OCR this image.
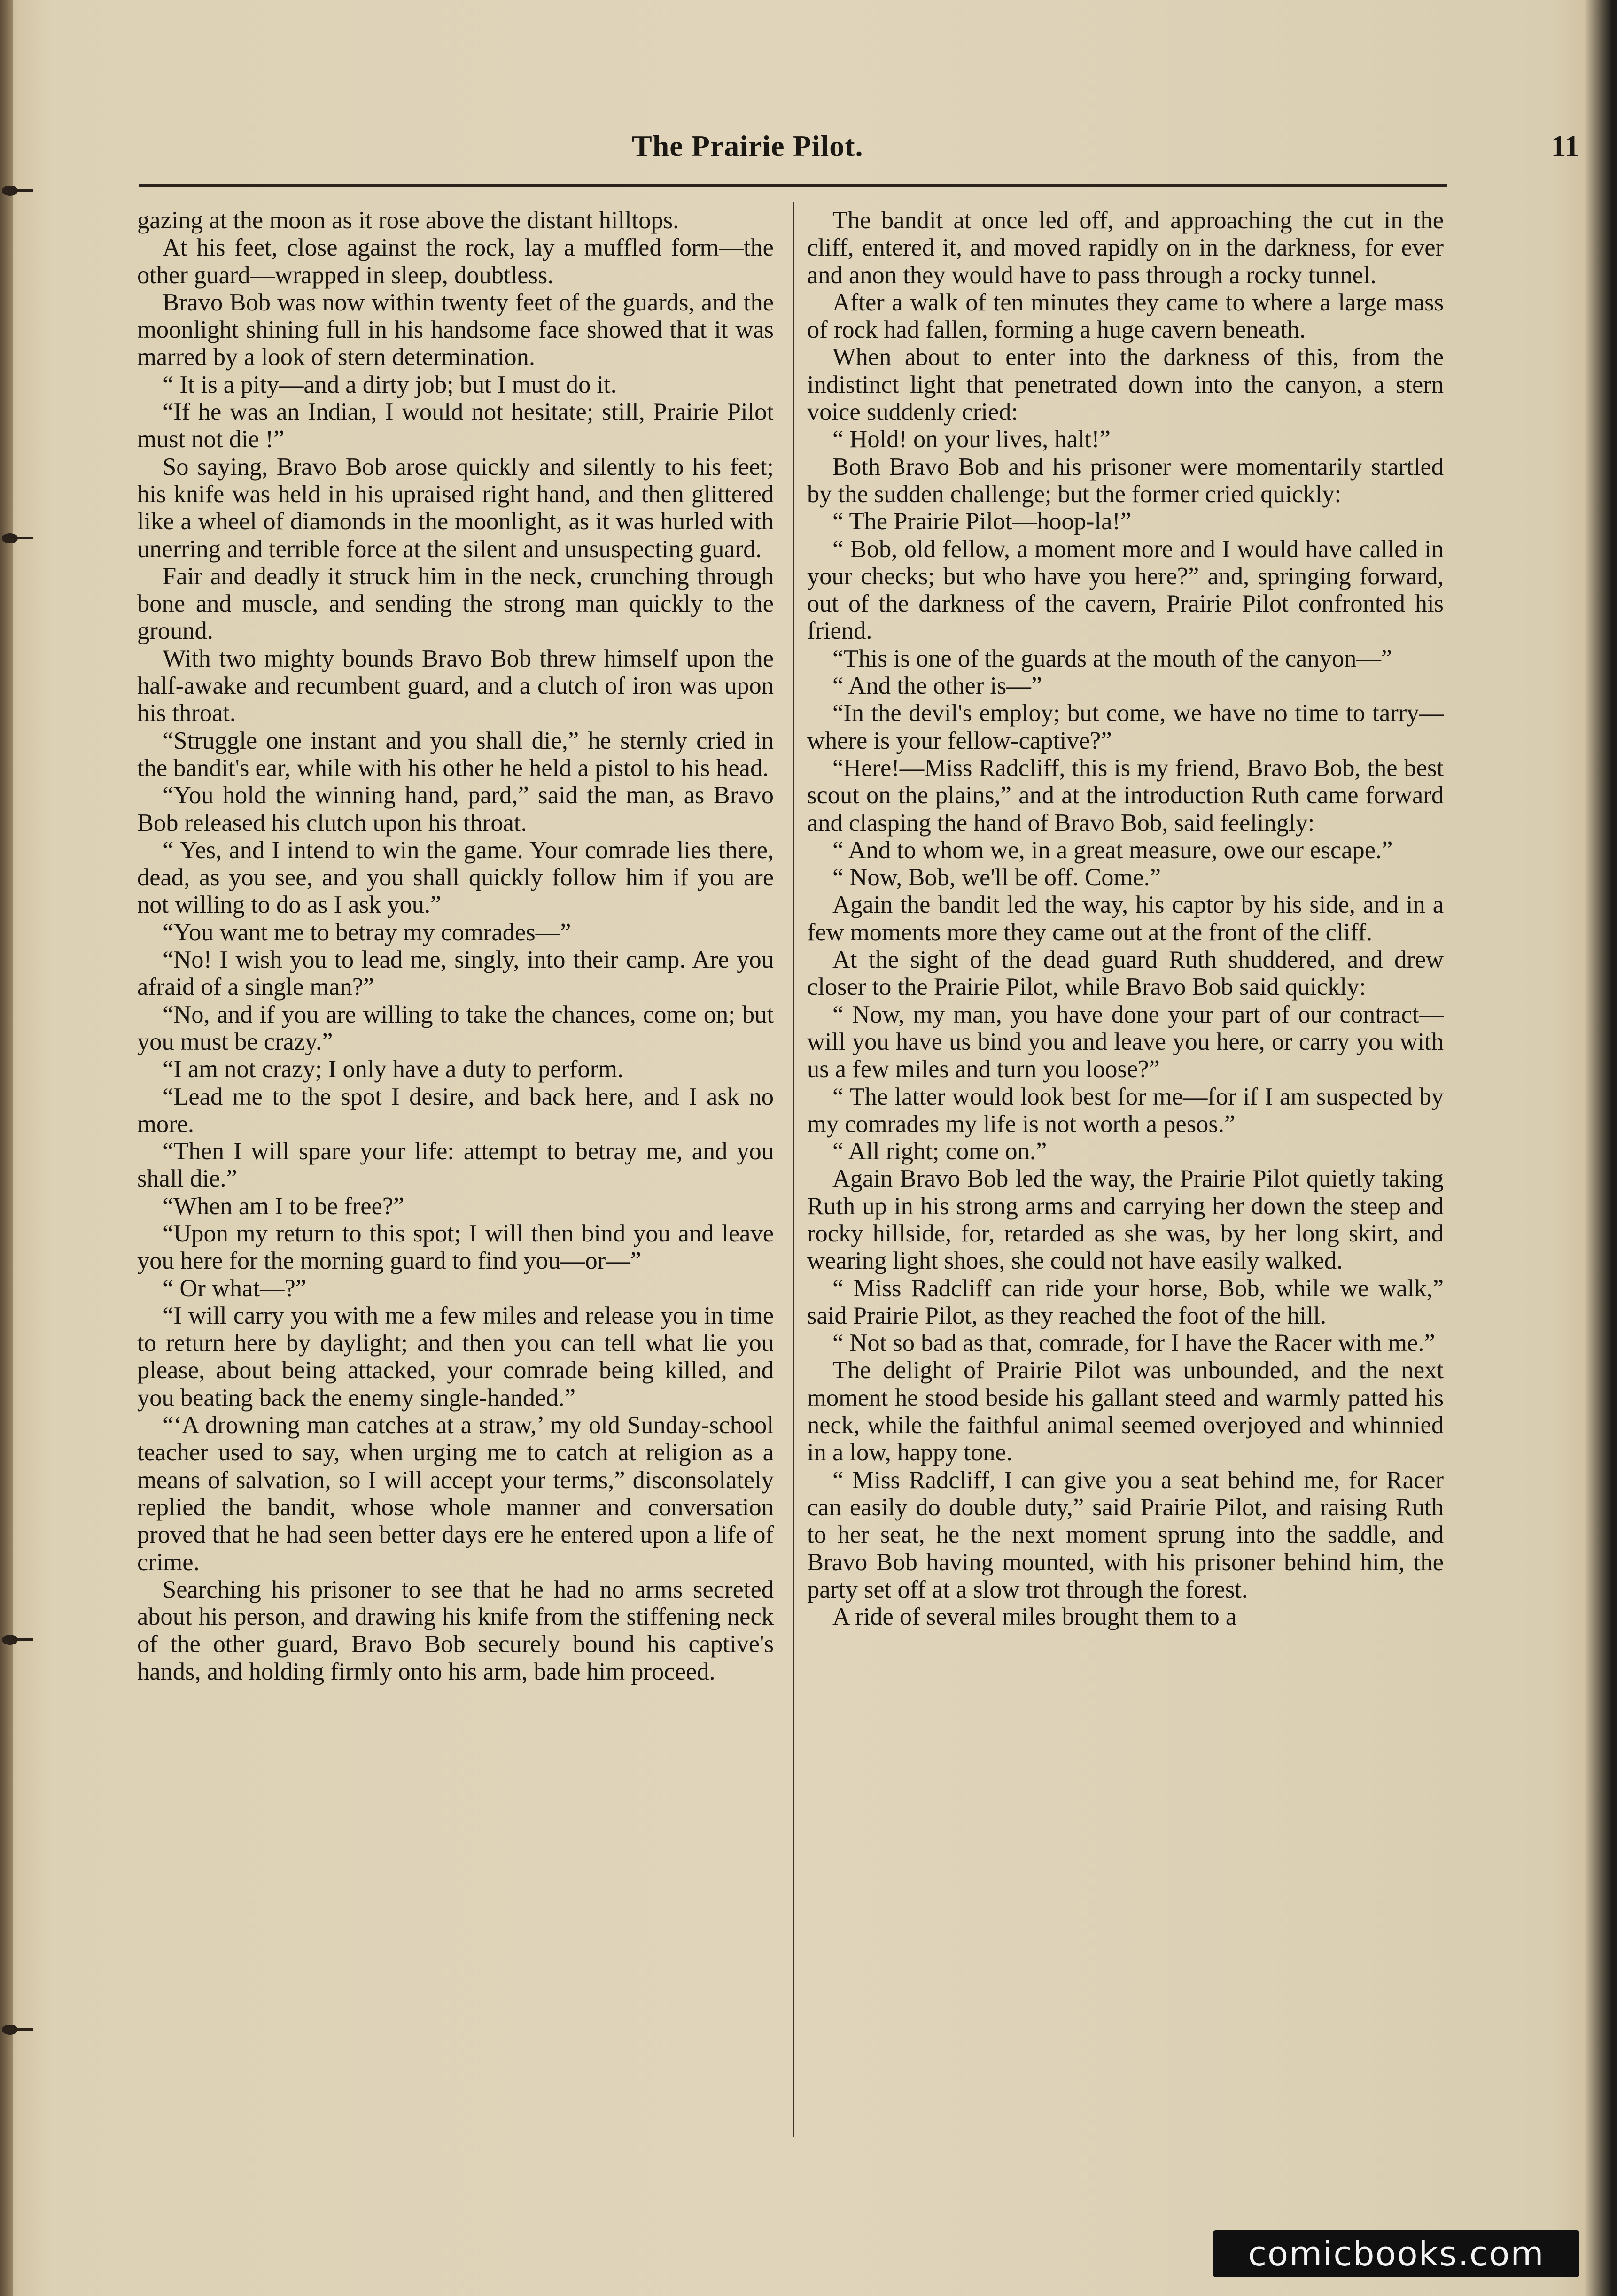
The Prairie Pilot.	11

gazing at the moon as it rose above the distant hilltops.

At his feet, close against the rock, lay a muffled form—the other guard—wrapped in sleep, doubtless.

Bravo Bob was now within twenty feet of the guards, and the moonlight shining full in his handsome face showed that it was marred by a look of stern determination.

“ It is a pity—and a dirty job; but I must do it.

“If he was an Indian, I would not hesitate; still, Prairie Pilot must not die !”

So saying, Bravo Bob arose quickly and silently to his feet; his knife was held in his upraised right hand, and then glittered like a wheel of diamonds in the moonlight, as it was hurled with unerring and terrible force at the silent and unsuspecting guard.

Fair and deadly it struck him in the neck, crunching through bone and muscle, and sending the strong man quickly to the ground.

With two mighty bounds Bravo Bob threw himself upon the half-awake and recumbent guard, and a clutch of iron was upon his throat.

“Struggle one instant and you shall die,” he sternly cried in the bandit's ear, while with his other he held a pistol to his head.

“You hold the winning hand, pard,” said the man, as Bravo Bob released his clutch upon his throat.

“ Yes, and I intend to win the game. Your comrade lies there, dead, as you see, and you shall quickly follow him if you are not willing to do as I ask you.”

“You want me to betray my comrades—”

“No! I wish you to lead me, singly, into their camp. Are you afraid of a single man?”

“No, and if you are willing to take the chances, come on; but you must be crazy.”

“I am not crazy; I only have a duty to perform.

“Lead me to the spot I desire, and back here, and I ask no more.

“Then I will spare your life: attempt to betray me, and you shall die.”

“When am I to be free?”

“Upon my return to this spot; I will then bind you and leave you here for the morning guard to find you—or—”

“ Or what—?”

“I will carry you with me a few miles and release you in time to return here by daylight; and then you can tell what lie you please, about being attacked, your comrade being killed, and you beating back the enemy single-handed.”

“‘A drowning man catches at a straw,’ my old Sunday-school teacher used to say, when urging me to catch at religion as a means of salvation, so I will accept your terms,” disconsolately replied the bandit, whose whole manner and conversation proved that he had seen better days ere he entered upon a life of crime.

Searching his prisoner to see that he had no arms secreted about his person, and drawing his knife from the stiffening neck of the other guard, Bravo Bob securely bound his captive's hands, and holding firmly onto his arm, bade him proceed.

The bandit at once led off, and approaching the cut in the cliff, entered it, and moved rapidly on in the darkness, for ever and anon they would have to pass through a rocky tunnel.

After a walk of ten minutes they came to where a large mass of rock had fallen, forming a huge cavern beneath.

When about to enter into the darkness of this, from the indistinct light that penetrated down into the canyon, a stern voice suddenly cried:

“ Hold! on your lives, halt!”

Both Bravo Bob and his prisoner were momentarily startled by the sudden challenge; but the former cried quickly:

“ The Prairie Pilot—hoop-la!”

“ Bob, old fellow, a moment more and I would have called in your checks; but who have you here?” and, springing forward, out of the darkness of the cavern, Prairie Pilot confronted his friend.

“This is one of the guards at the mouth of the canyon—”

“ And the other is—”

“In the devil's employ; but come, we have no time to tarry—where is your fellow-captive?”

“Here!—Miss Radcliff, this is my friend, Bravo Bob, the best scout on the plains,” and at the introduction Ruth came forward and clasping the hand of Bravo Bob, said feelingly:

“ And to whom we, in a great measure, owe our escape.”

“ Now, Bob, we'll be off. Come.”

Again the bandit led the way, his captor by his side, and in a few moments more they came out at the front of the cliff.

At the sight of the dead guard Ruth shuddered, and drew closer to the Prairie Pilot, while Bravo Bob said quickly:

“ Now, my man, you have done your part of our contract—will you have us bind you and leave you here, or carry you with us a few miles and turn you loose?”

“ The latter would look best for me—for if I am suspected by my comrades my life is not worth a pesos.”

“ All right; come on.”

Again Bravo Bob led the way, the Prairie Pilot quietly taking Ruth up in his strong arms and carrying her down the steep and rocky hillside, for, retarded as she was, by her long skirt, and wearing light shoes, she could not have easily walked.

“ Miss Radcliff can ride your horse, Bob, while we walk,” said Prairie Pilot, as they reached the foot of the hill.

“ Not so bad as that, comrade, for I have the Racer with me.”

The delight of Prairie Pilot was unbounded, and the next moment he stood beside his gallant steed and warmly patted his neck, while the faithful animal seemed overjoyed and whinnied in a low, happy tone.

“ Miss Radcliff, I can give you a seat behind me, for Racer can easily do double duty,” said Prairie Pilot, and raising Ruth to her seat, he the next moment sprung into the saddle, and Bravo Bob having mounted, with his prisoner behind him, the party set off at a slow trot through the forest.

A ride of several miles brought them to a

comicbooks.com
